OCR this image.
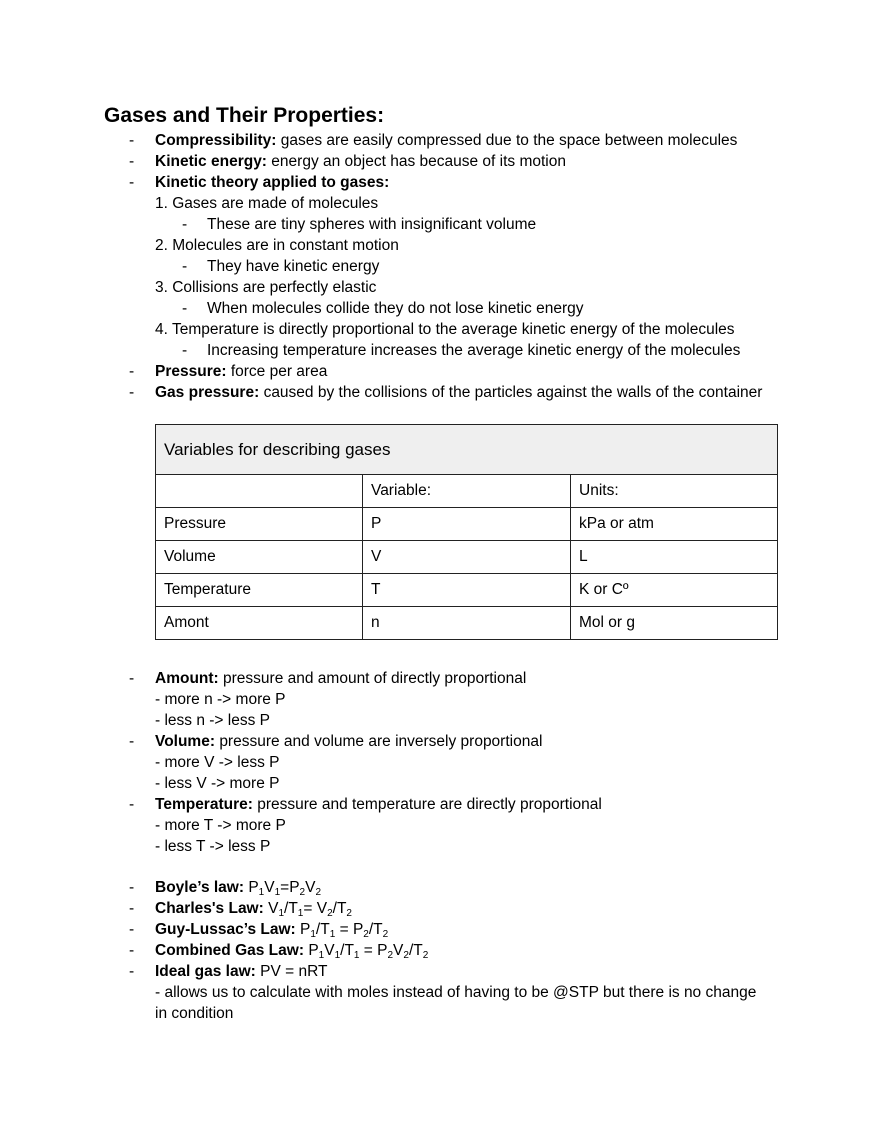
Gases and Their Properties:
- Compressibility: gases are easily compressed due to the space between molecules
- Kinetic energy: energy an object has because of its motion
- Kinetic theory applied to gases:
1. Gases are made of molecules
- These are tiny spheres with insignificant volume
2. Molecules are in constant motion
- They have kinetic energy
3. Collisions are perfectly elastic
- When molecules collide they do not lose kinetic energy
4. Temperature is directly proportional to the average kinetic energy of the molecules
- Increasing temperature increases the average kinetic energy of the molecules
- Pressure: force per area
- Gas pressure: caused by the collisions of the particles against the walls of the container
Variables for describing gases		
	Variable:	Units:
Pressure	P	kPa or atm
Volume	V	L
Temperature	T	K or Cº
Amont	n	Mol or g
- Amount: pressure and amount of directly proportional
- more n -> more P
- less n -> less P
- Volume: pressure and volume are inversely proportional
- more V -> less P
- less V -> more P
- Temperature: pressure and temperature are directly proportional
- more T -> more P
- less T -> less P
- Boyle’s law: $P_1V_1=P_2V_2$
- Charles's Law: $V_1/T_1= V_2/T_2$
- Guy-Lussac’s Law: $P_1/T_1 = P_2/T_2$
- Combined Gas Law: $P_1V_1/T_1 = P_2V_2/T_2$
- Ideal gas law: PV = nRT
- allows us to calculate with moles instead of having to be @STP but there is no change
in condition
